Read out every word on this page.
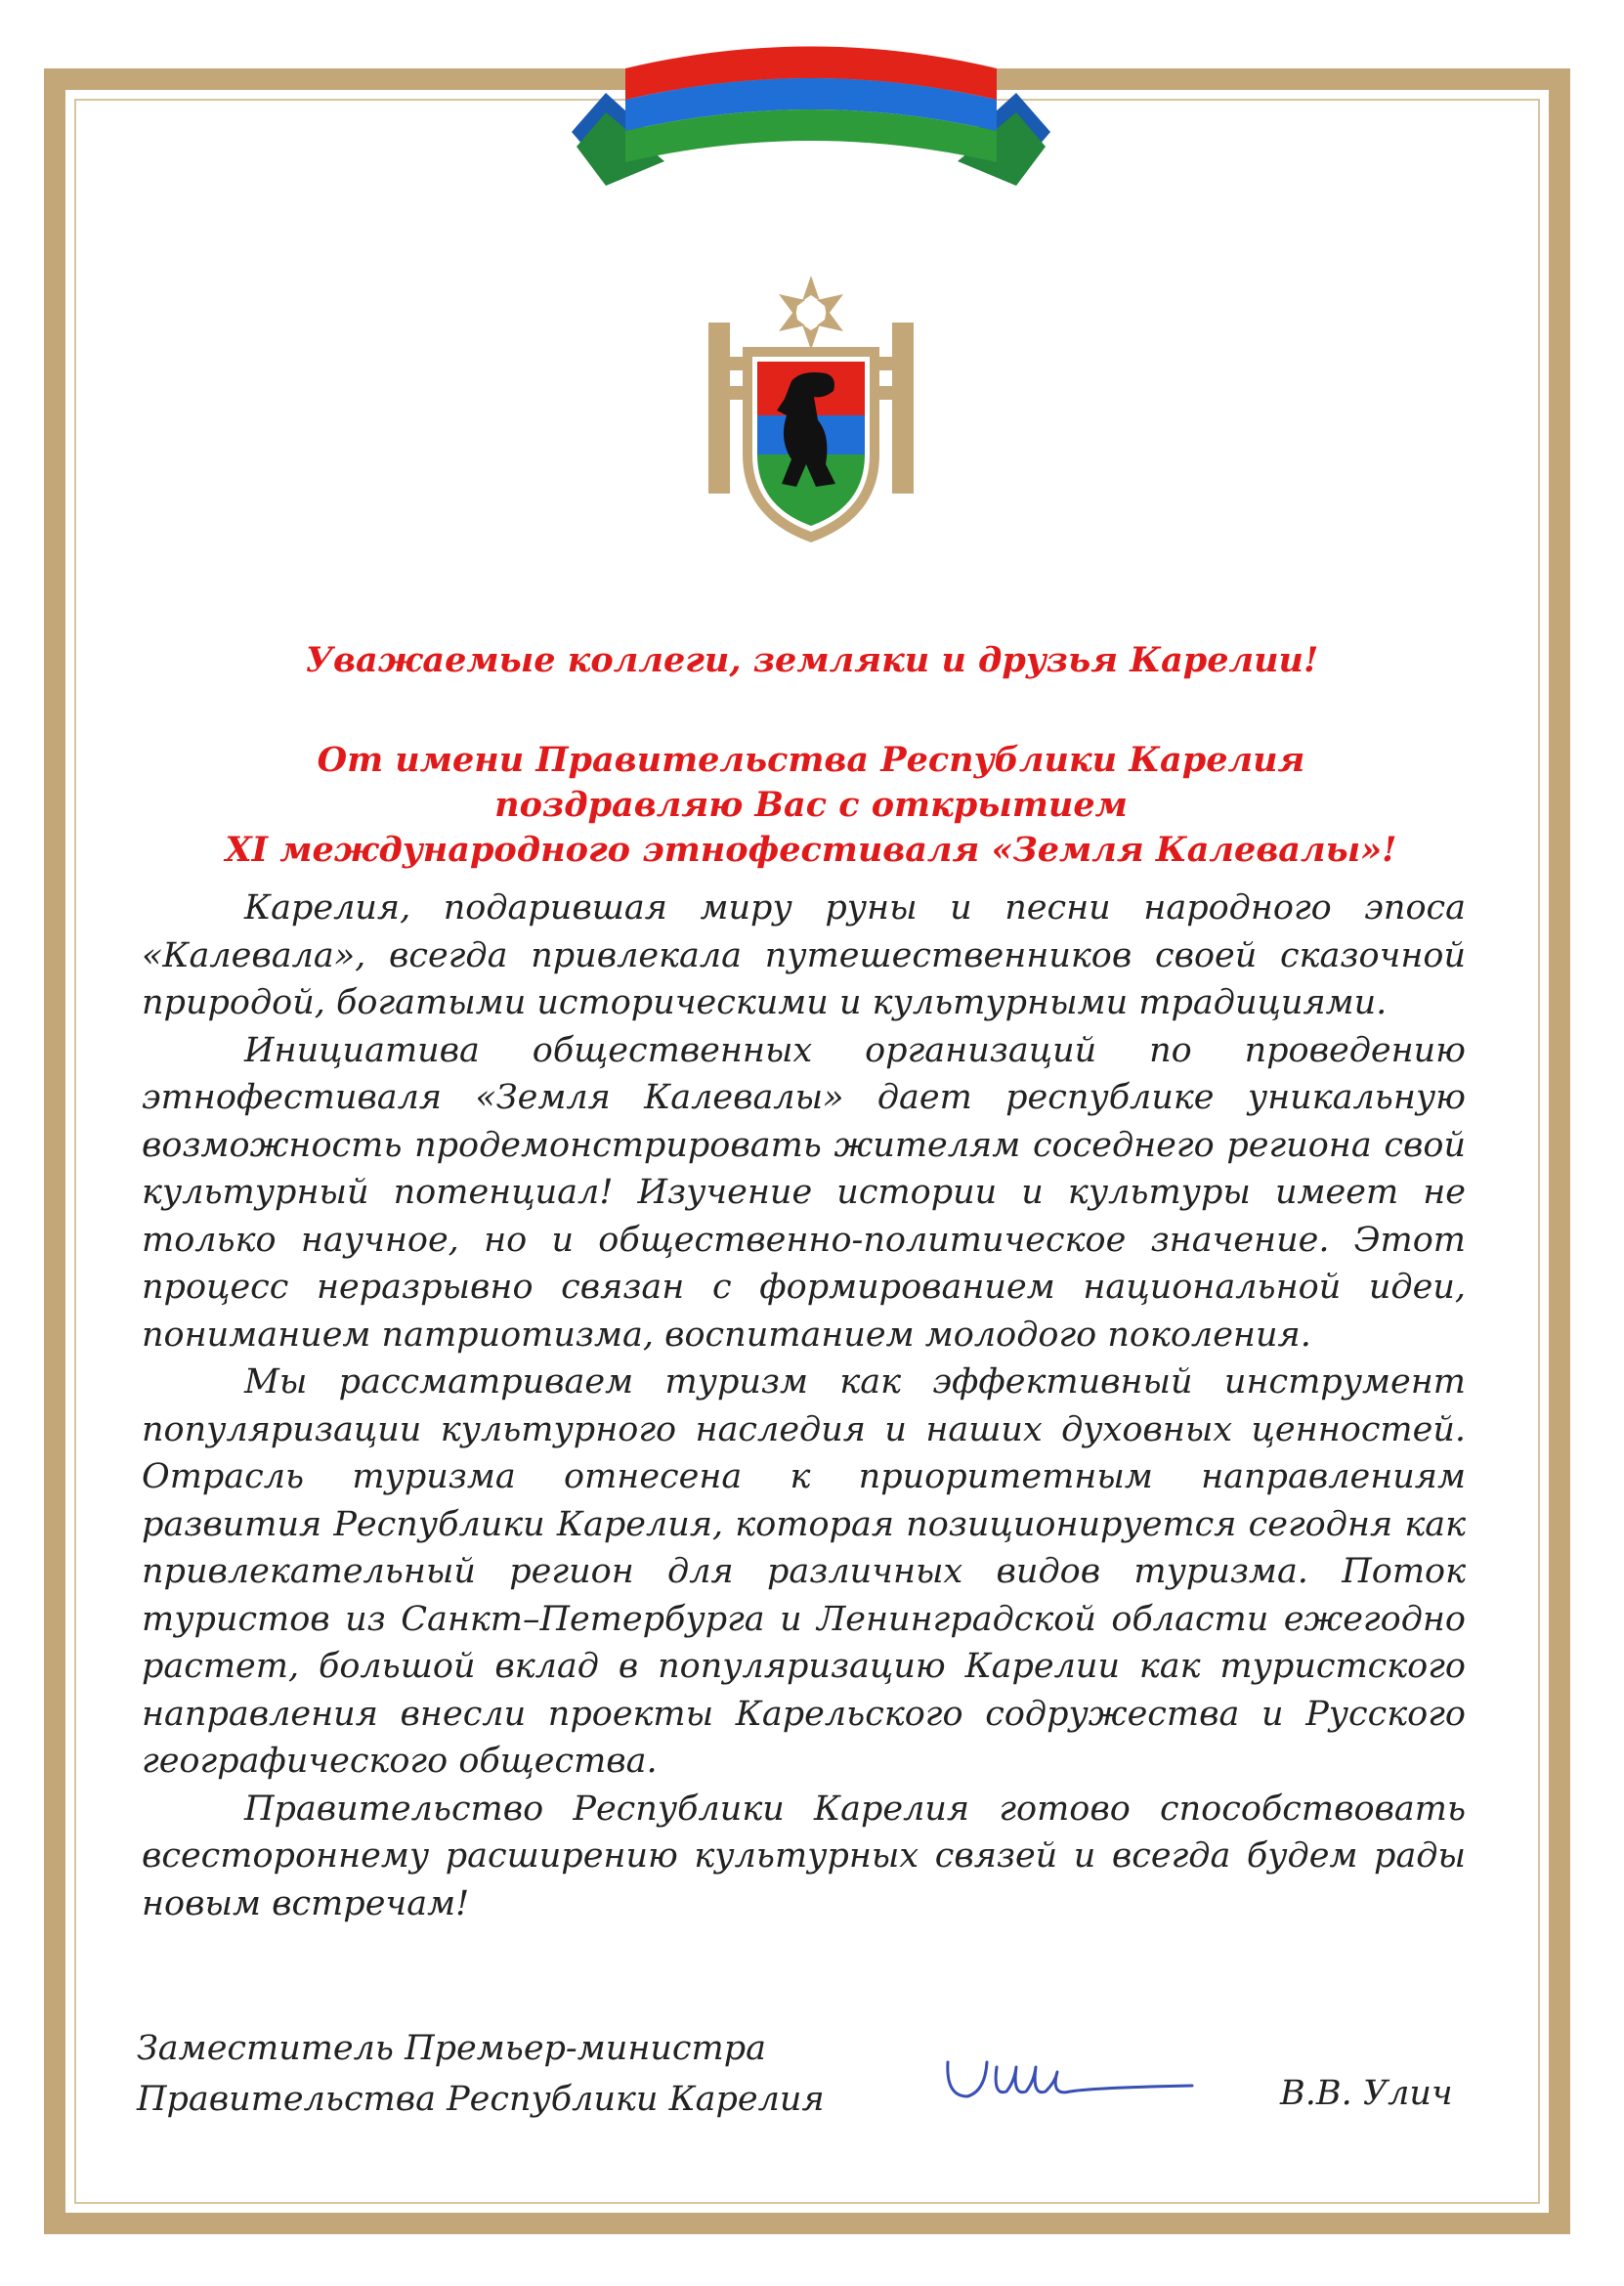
Уважаемые коллеги, земляки и друзья Карелии!
От имени Правительства Республики Карелия поздравляю Вас с открытием
XI международного этнофестиваля «Земля Калевалы»!

Карелия, подарившая миру руны и песни народного эпоса «Калевала», всегда привлекала путешественников своей сказочной природой, богатыми историческими и культурными традициями.

Инициатива общественных организаций по проведению этнофестиваля «Земля Калевалы» дает республике уникальную возможность продемонстрировать жителям соседнего региона свой культурный потенциал! Изучение истории и культуры имеет не только научное, но и общественно-политическое значение. Этот процесс неразрывно связан с формированием национальной идеи, пониманием патриотизма, воспитанием молодого поколения.

Мы рассматриваем туризм как эффективный инструмент популяризации культурного наследия и наших духовных ценностей. Отрасль туризма отнесена к приоритетным направлениям развития Республики Карелия, которая позиционируется сегодня как привлекательный регион для различных видов туризма. Поток туристов из Санкт–Петербурга и Ленинградской области ежегодно растет, большой вклад в популяризацию Карелии как туристского направления внесли проекты Карельского содружества и Русского географического общества.

Правительство Республики Карелия готово способствовать всестороннему расширению культурных связей и всегда будем рады новым встречам!

Заместитель Премьер-министра
Правительства Республики Карелия	В.В. Улич
